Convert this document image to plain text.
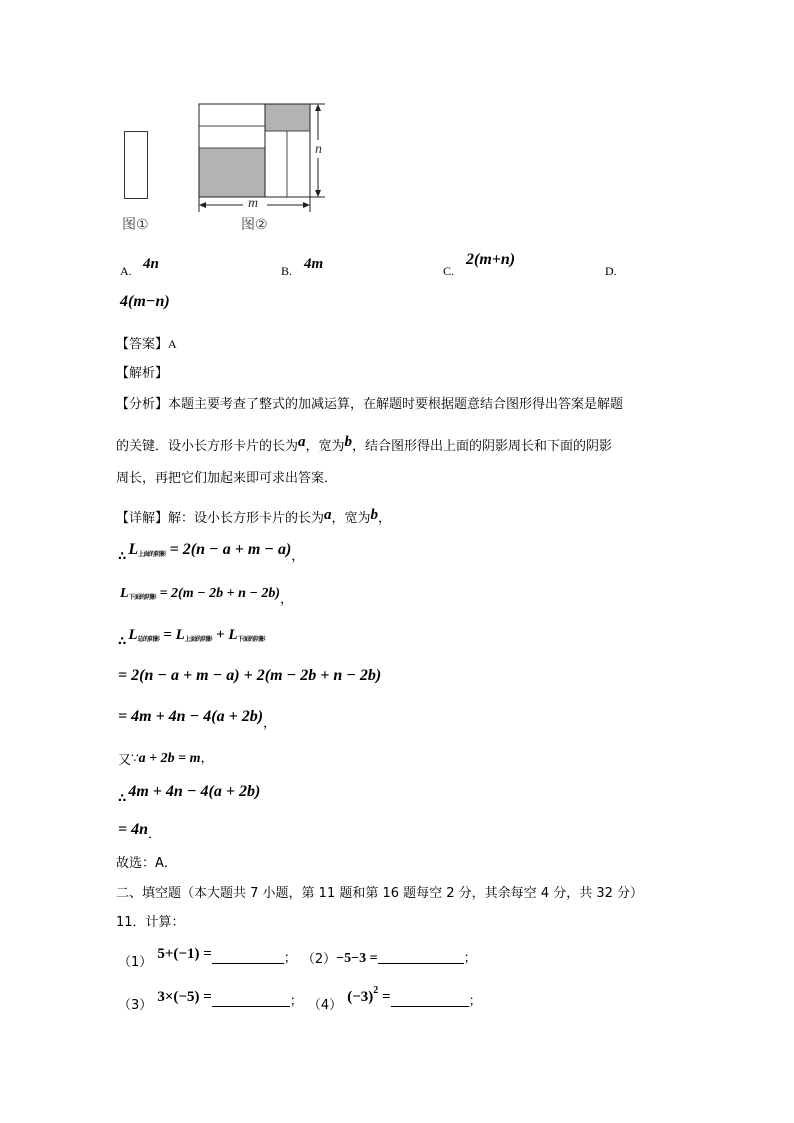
图①
n
m
图②
A. 4n	B. 4m	C.
2(m+n)
D.
4(m−n)
【答案】A
【解析】
【分析】本题主要考查了整式的加减运算，在解题时要根据题意结合图形得出答案是解题
的关键．设小长方形卡片的长为a，宽为b，结合图形得出上面的阴影周长和下面的阴影
周长，再把它们加起来即可求出答案．
【详解】解：设小长方形卡片的长为a，宽为b，
$_\therefore$ $L_{上面的阴影} = 2(n - a + m - a)_,$
$L_{下面的阴影} = 2(m - 2b + n - 2b)$，
$_\therefore$ $L_{总的阴影} = L_{上面的阴影} + L_{下面的阴影}$
= 2(n − a + m − a) + 2(m − 2b + n − 2b)
= $4m + 4n - 4(a + 2b)_,$
又∵a + 2b = m，
$_\therefore$ 4m + 4n − 4(a + 2b)
= $4n_.$
故选：A．
二、填空题（本大题共 7 小题，第 11 题和第 16 题每空 2 分，其余每空 4 分，共 32 分）
11．计算：
$_{(1)}$ 5+(−1) =	； （2）−5−3 =	；
$_{(3)}$ 3×(−5) =	； $_{(4)}$ $(-3)^2$ =	；
